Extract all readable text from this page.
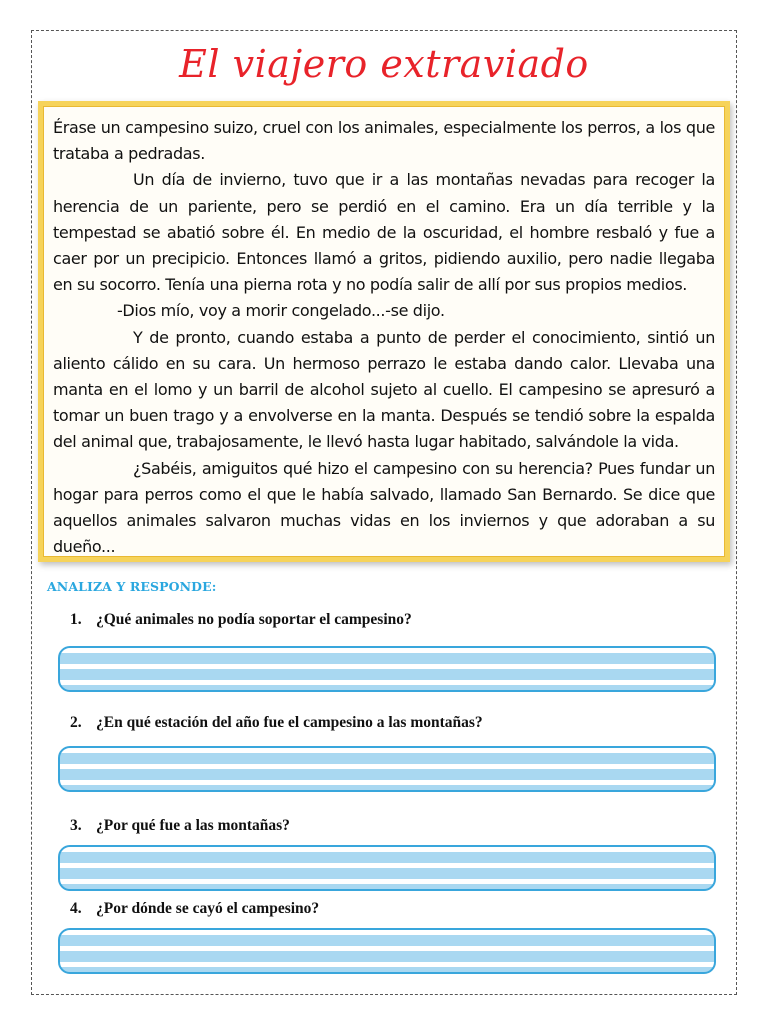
El viajero extraviado

Érase un campesino suizo, cruel con los animales, especialmente los perros, a los que trataba a pedradas.

Un día de invierno, tuvo que ir a las montañas nevadas para recoger la herencia de un pariente, pero se perdió en el camino. Era un día terrible y la tempestad se abatió sobre él. En medio de la oscuridad, el hombre resbaló y fue a caer por un precipicio. Entonces llamó a gritos, pidiendo auxilio, pero nadie llegaba en su socorro. Tenía una pierna rota y no podía salir de allí por sus propios medios.

-Dios mío, voy a morir congelado...-se dijo.

Y de pronto, cuando estaba a punto de perder el conocimiento, sintió un aliento cálido en su cara. Un hermoso perrazo le estaba dando calor. Llevaba una manta en el lomo y un barril de alcohol sujeto al cuello. El campesino se apresuró a tomar un buen trago y a envolverse en la manta. Después se tendió sobre la espalda del animal que, trabajosamente, le llevó hasta lugar habitado, salvándole la vida.

¿Sabéis, amiguitos qué hizo el campesino con su herencia? Pues fundar un hogar para perros como el que le había salvado, llamado San Bernardo. Se dice que aquellos animales salvaron muchas vidas en los inviernos y que adoraban a su dueño...

ANALIZA Y RESPONDE:
1. ¿Qué animales no podía soportar el campesino?
2. ¿En qué estación del año fue el campesino a las montañas?
3. ¿Por qué fue a las montañas?
4. ¿Por dónde se cayó el campesino?
